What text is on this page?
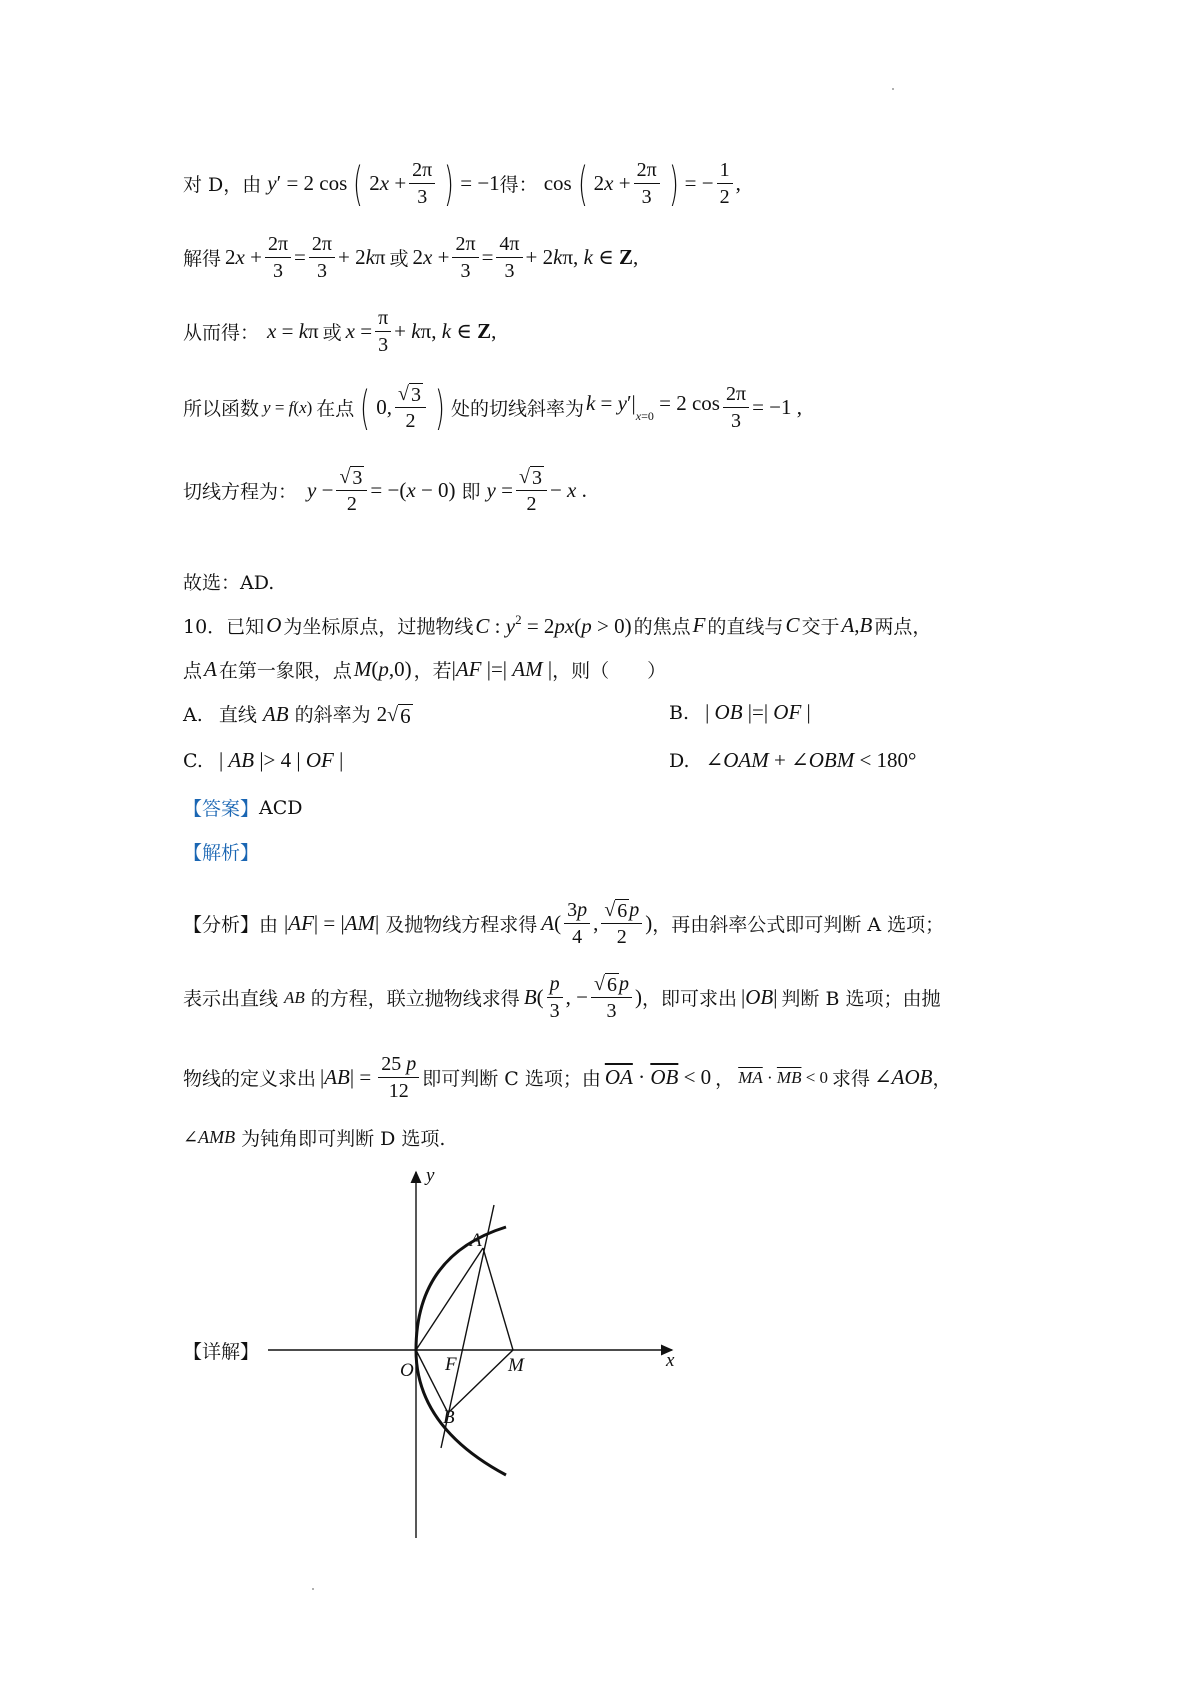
对 D，由 y′ = 2 cos ( $2x + \frac{2\pi}{3}$ ) = −1 得： cos ( $2x + \frac{2\pi}{3}$ ) = − $\frac{1}{2}$ ,
解得 $2x + \frac{2\pi}{3} = \frac{2\pi}{3} + 2k\pi$ 或 $2x + \frac{2\pi}{3} = \frac{4\pi}{3} + 2k\pi$, k ∈ Z,
从而得： x = kπ 或 $x = \frac{\pi}{3} + k\pi$, k ∈ Z,
所以函数 y = f(x) 在点 ( 0, $\frac{√ 3}{2}$ ) 处的切线斜率为 $k = y'|_{x=0} = 2$ $\cos \frac{2\pi}{3} = -1$ ,
切线方程为： $y - \frac{√ 3}{2} = -(x - 0)$ 即 $y = \frac{√ 3}{2} - x$ .
故选：AD.
10．已知 O 为坐标原点，过抛物线 C : $y^2 = 2px(p > 0)$ 的焦点 F 的直线与 C 交于 A,B 两点，
点 A 在第一象限，点 M(p,0) ，若 |AF |=| AM | ，则（　　）
A. 直线 AB 的斜率为 2 √ 6	B. | OB |=| OF |
C. | AB |> 4 | OF |	D. ∠OAM + ∠OBM < 180°
【答案】 ACD
【解析】
【分析】 由 |AF| = |AM| 及抛物线方程求得 A ( $\frac{3p}{4}$ , $\frac{√ 6 p}{2}$ ) ，再由斜率公式即可判断 A 选项；
表示出直线 AB 的方程，联立抛物线求得 B ( $\frac{p}{3}$ , − $\frac{√ 6 p}{3}$ ) ，即可求出 |OB| 判断 B 选项；由抛
物线的定义求出 $|AB| = \frac{25 p}{12}$ 即可判断 C 选项；由 $\overline{OA} \cdot \overline{OB} < 0$ ， $\overline{MA} \cdot \overline{MB} < 0$ 求得 ∠AOB ，
∠AMB 为钝角即可判断 D 选项.
【详解】
y
x
O
A
B
F	M
